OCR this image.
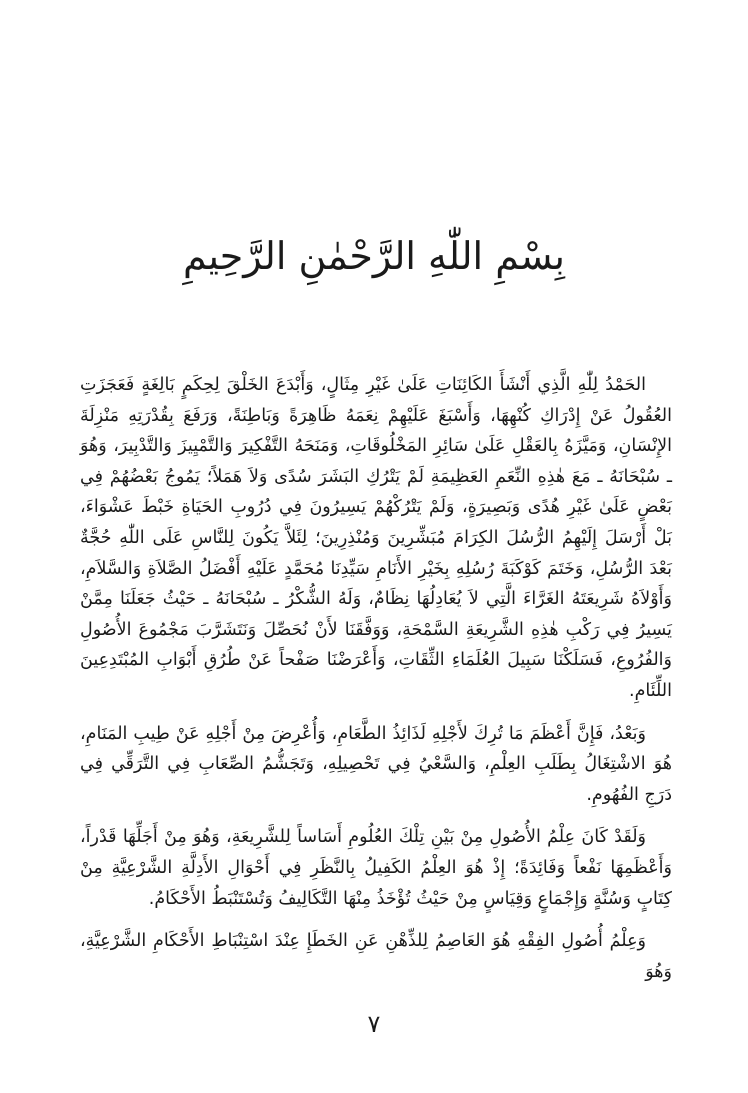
بِسْمِ اللّٰهِ الرَّحْمٰنِ الرَّحِيمِ

الحَمْدُ لِلّٰهِ الَّذِي أَنْشَأَ الكَائِنَاتِ عَلَىٰ غَيْرِ مِثَالٍ، وَأَبْدَعَ الخَلْقَ لِحِكَمٍ بَالِغَةٍ فَعَجَزَتِ العُقُولُ عَنْ إِدْرَاكِ كُنْهِهَا، وَأَسْبَغَ عَلَيْهِمْ نِعَمَهُ ظَاهِرَةً وَبَاطِنَةً، وَرَفَعَ بِقُدْرَتِهِ مَنْزِلَةَ الإِنْسَانِ، وَمَيَّزَهُ بِالعَقْلِ عَلَىٰ سَائِرِ المَخْلُوقَاتِ، وَمَنَحَهُ التَّفْكِيرَ وَالتَّمْيِيزَ وَالتَّدْبِيرَ، وَهُوَ ـ سُبْحَانَهُ ـ مَعَ هٰذِهِ النِّعَمِ العَظِيمَةِ لَمْ يَتْرُكِ البَشَرَ سُدًى وَلاَ هَمَلاً؛ يَمُوجُ بَعْضُهُمْ فِي بَعْضٍ عَلَىٰ غَيْرِ هُدًى وَبَصِيرَةٍ، وَلَمْ يَتْرُكْهُمْ يَسِيرُونَ فِي دُرُوبِ الحَيَاةِ خَبْطَ عَشْوَاءَ، بَلْ أَرْسَلَ إِلَيْهِمُ الرُّسُلَ الكِرَامَ مُبَشِّرِينَ وَمُنْذِرِينَ؛ لِئَلاَّ يَكُونَ لِلنَّاسِ عَلَى اللّٰهِ حُجَّةٌ بَعْدَ الرُّسُلِ، وَخَتَمَ كَوْكَبَةَ رُسُلِهِ بِخَيْرِ الأَنَامِ سَيِّدِنَا مُحَمَّدٍ عَلَيْهِ أَفْضَلُ الصَّلاَةِ وَالسَّلاَمِ، وَأَوْلاَهُ شَرِيعَتَهُ الغَرَّاءَ الَّتِي لاَ يُعَادِلُهَا نِظَامٌ، وَلَهُ الشُّكْرُ ـ سُبْحَانَهُ ـ حَيْثُ جَعَلَنَا مِمَّنْ يَسِيرُ فِي رَكْبِ هٰذِهِ الشَّرِيعَةِ السَّمْحَةِ، وَوَفَّقَنَا لأَنْ نُحَصِّلَ وَنَتَشَرَّبَ مَجْمُوعَ الأُصُولِ وَالفُرُوعِ، فَسَلَكْنَا سَبِيلَ العُلَمَاءِ الثِّقَاتِ، وَأَعْرَضْنَا صَفْحاً عَنْ طُرُقِ أَبْوَابِ المُبْتَدِعِينَ اللِّئَامِ.

وَبَعْدُ، فَإِنَّ أَعْظَمَ مَا تُرِكَ لأَجْلِهِ لَذَائِذُ الطَّعَامِ، وَأُعْرِضَ مِنْ أَجْلِهِ عَنْ طِيبِ المَنَامِ، هُوَ الاشْتِغَالُ بِطَلَبِ العِلْمِ، وَالسَّعْيُ فِي تَحْصِيلِهِ، وَتَجَشُّمُ الصِّعَابِ فِي التَّرَقِّي فِي دَرَجِ الفُهُومِ.

وَلَقَدْ كَانَ عِلْمُ الأُصُولِ مِنْ بَيْنِ تِلْكَ العُلُومِ أَسَاساً لِلشَّرِيعَةِ، وَهُوَ مِنْ أَجَلِّهَا قَدْراً، وَأَعْظَمِهَا نَفْعاً وَفَائِدَةً؛ إِذْ هُوَ العِلْمُ الكَفِيلُ بِالنَّظَرِ فِي أَحْوَالِ الأَدِلَّةِ الشَّرْعِيَّةِ مِنْ كِتَابٍ وَسُنَّةٍ وَإِجْمَاعٍ وَقِيَاسٍ مِنْ حَيْثُ تُؤْخَذُ مِنْهَا التَّكَالِيفُ وَتُسْتَنْبَطُ الأَحْكَامُ.

وَعِلْمُ أُصُولِ الفِقْهِ هُوَ العَاصِمُ لِلذِّهْنِ عَنِ الخَطَإِ عِنْدَ اسْتِنْبَاطِ الأَحْكَامِ الشَّرْعِيَّةِ، وَهُوَ

٧
